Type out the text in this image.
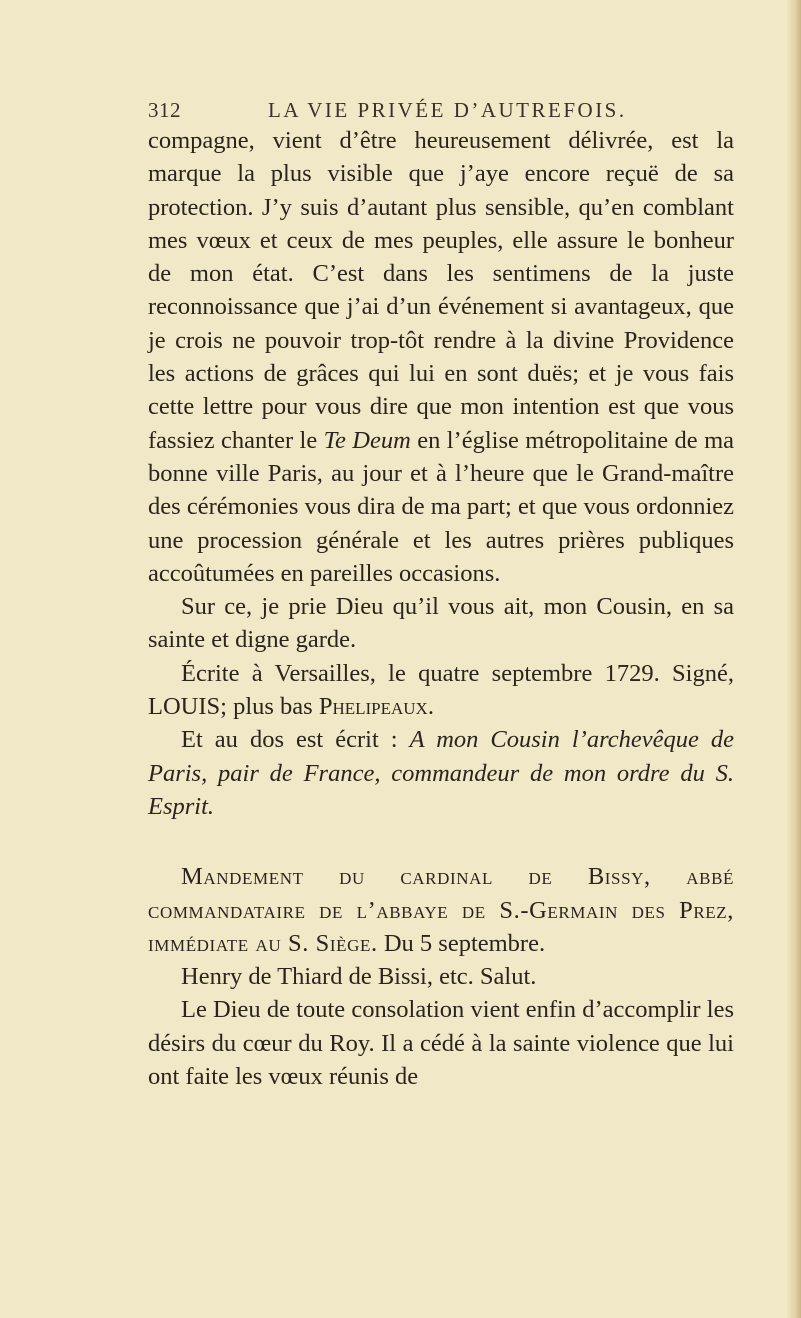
312	LA VIE PRIVÉE D’AUTREFOIS.

compagne, vient d’être heureusement délivrée, est la marque la plus visible que j’aye encore reçuë de sa protection. J’y suis d’autant plus sensible, qu’en comblant mes vœux et ceux de mes peuples, elle assure le bonheur de mon état. C’est dans les sentimens de la juste reconnoissance que j’ai d’un événement si avantageux, que je crois ne pouvoir trop-tôt rendre à la divine Providence les actions de grâces qui lui en sont duës; et je vous fais cette lettre pour vous dire que mon intention est que vous fassiez chanter le Te Deum en l’église métropolitaine de ma bonne ville Paris, au jour et à l’heure que le Grand-maître des cérémonies vous dira de ma part; et que vous ordonniez une procession générale et les autres prières publiques accoûtumées en pareilles occasions.

Sur ce, je prie Dieu qu’il vous ait, mon Cousin, en sa sainte et digne garde.

Écrite à Versailles, le quatre septembre 1729. Signé, LOUIS; plus bas Phelipeaux.

Et au dos est écrit : A mon Cousin l’archevêque de Paris, pair de France, commandeur de mon ordre du S. Esprit.

Mandement du cardinal de Bissy, abbé commandataire de l’abbaye de S.-Germain des Prez, immédiate au S. Siège. Du 5 septembre.

Henry de Thiard de Bissi, etc. Salut.

Le Dieu de toute consolation vient enfin d’accomplir les désirs du cœur du Roy. Il a cédé à la sainte violence que lui ont faite les vœux réunis de
